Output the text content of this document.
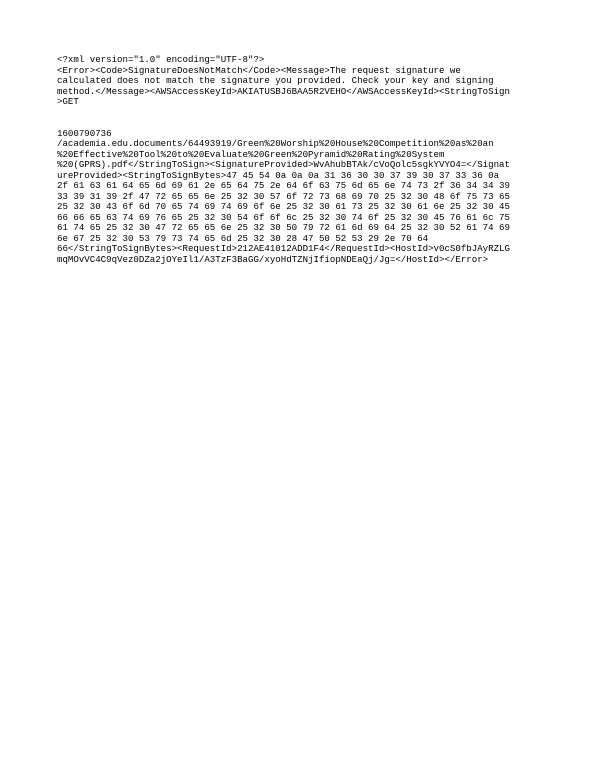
<?xml version="1.0" encoding="UTF-8"?>
<Error><Code>SignatureDoesNotMatch</Code><Message>The request signature we
calculated does not match the signature you provided. Check your key and signing
method.</Message><AWSAccessKeyId>AKIATUSBJ6BAA5R2VEHO</AWSAccessKeyId><StringToSign
>GET
1600790736
/academia.edu.documents/64493919/Green%20Worship%20House%20Competition%20as%20an
%20Effective%20Tool%20to%20Evaluate%20Green%20Pyramid%20Rating%20System
%20(GPRS).pdf</StringToSign><SignatureProvided>WvAhubBTAk/cVoQolc5sgkYVYO4=</Signat
ureProvided><StringToSignBytes>47 45 54 0a 0a 0a 31 36 30 30 37 39 30 37 33 36 0a
2f 61 63 61 64 65 6d 69 61 2e 65 64 75 2e 64 6f 63 75 6d 65 6e 74 73 2f 36 34 34 39
33 39 31 39 2f 47 72 65 65 6e 25 32 30 57 6f 72 73 68 69 70 25 32 30 48 6f 75 73 65
25 32 30 43 6f 6d 70 65 74 69 74 69 6f 6e 25 32 30 61 73 25 32 30 61 6e 25 32 30 45
66 66 65 63 74 69 76 65 25 32 30 54 6f 6f 6c 25 32 30 74 6f 25 32 30 45 76 61 6c 75
61 74 65 25 32 30 47 72 65 65 6e 25 32 30 50 79 72 61 6d 69 64 25 32 30 52 61 74 69
6e 67 25 32 30 53 79 73 74 65 6d 25 32 30 28 47 50 52 53 29 2e 70 64
66</StringToSignBytes><RequestId>212AE41012ADD1F4</RequestId><HostId>v0cS0fbJAyRZLG
mqMOvVC4C9qVez0DZa2jOYeIl1/A3TzF3BaGG/xyoHdTZNjIfiopNDEaQj/Jg=</HostId></Error>
